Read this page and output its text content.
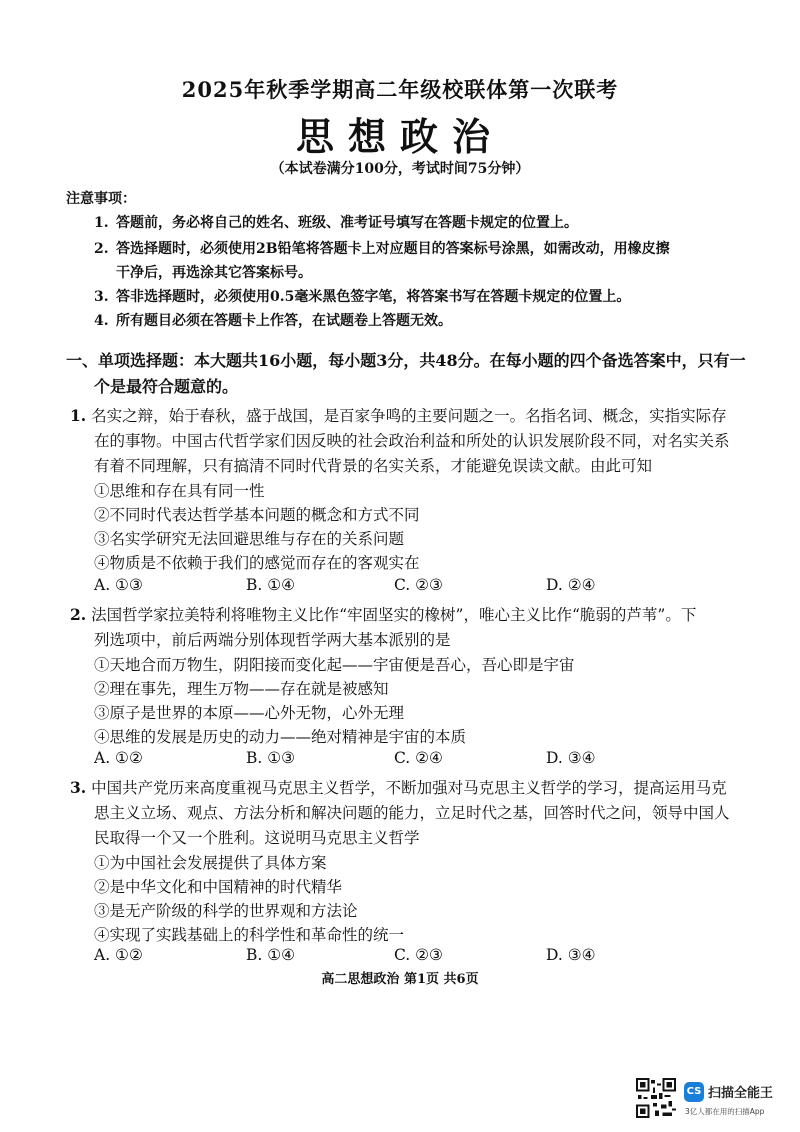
2025年秋季学期高二年级校联体第一次联考
思想政治
（本试卷满分100分，考试时间75分钟）
注意事项：
1. 答题前，务必将自己的姓名、班级、准考证号填写在答题卡规定的位置上。
2. 答选择题时，必须使用2B铅笔将答题卡上对应题目的答案标号涂黑，如需改动，用橡皮擦
干净后，再选涂其它答案标号。
3. 答非选择题时，必须使用0.5毫米黑色签字笔，将答案书写在答题卡规定的位置上。
4. 所有题目必须在答题卡上作答，在试题卷上答题无效。
一、单项选择题：本大题共16小题，每小题3分，共48分。在每小题的四个备选答案中，只有一
个是最符合题意的。
1. 名实之辩，始于春秋，盛于战国，是百家争鸣的主要问题之一。名指名词、概念，实指实际存
在的事物。中国古代哲学家们因反映的社会政治利益和所处的认识发展阶段不同，对名实关系
有着不同理解，只有搞清不同时代背景的名实关系，才能避免误读文献。由此可知
①思维和存在具有同一性
②不同时代表达哲学基本问题的概念和方式不同
③名实学研究无法回避思维与存在的关系问题
④物质是不依赖于我们的感觉而存在的客观实在
A. ①③	B. ①④	C. ②③	D. ②④
2. 法国哲学家拉美特利将唯物主义比作“牢固坚实的橡树”，唯心主义比作“脆弱的芦苇”。下
列选项中，前后两端分别体现哲学两大基本派别的是
①天地合而万物生，阴阳接而变化起——宇宙便是吾心，吾心即是宇宙
②理在事先，理生万物——存在就是被感知
③原子是世界的本原——心外无物，心外无理
④思维的发展是历史的动力——绝对精神是宇宙的本质
A. ①②	B. ①③	C. ②④	D. ③④
3. 中国共产党历来高度重视马克思主义哲学，不断加强对马克思主义哲学的学习，提高运用马克
思主义立场、观点、方法分析和解决问题的能力，立足时代之基，回答时代之问，领导中国人
民取得一个又一个胜利。这说明马克思主义哲学
①为中国社会发展提供了具体方案
②是中华文化和中国精神的时代精华
③是无产阶级的科学的世界观和方法论
④实现了实践基础上的科学性和革命性的统一
A. ①②	B. ①④	C. ②③	D. ③④
高二思想政治 第1页 共6页
CS 扫描全能王
3亿人都在用的扫描App
